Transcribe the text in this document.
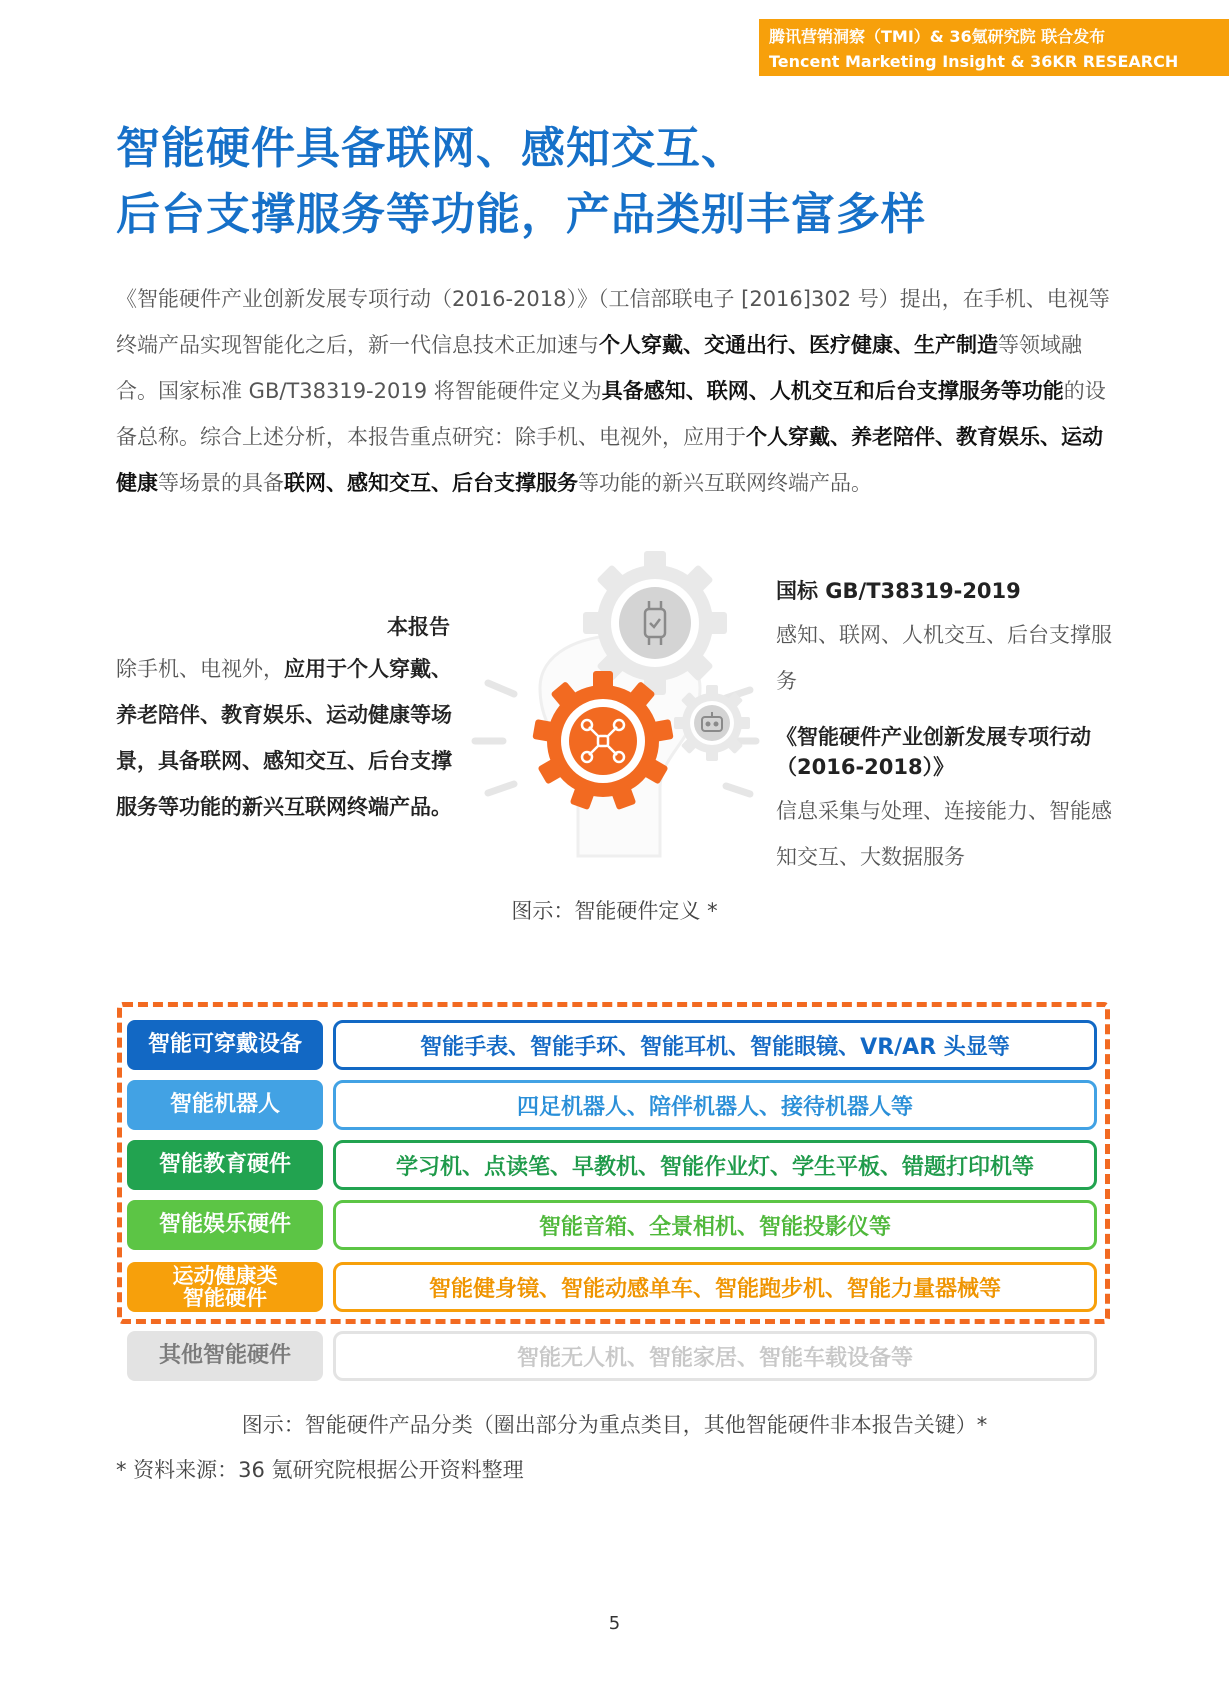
腾讯营销洞察（TMI）& 36氪研究院 联合发布
Tencent Marketing Insight & 36KR RESEARCH
智能硬件具备联网、感知交互、
后台支撑服务等功能，产品类别丰富多样

《智能硬件产业创新发展专项行动（2016-2018）》（工信部联电子 [2016]302 号）提出，在手机、电视等终端产品实现智能化之后，新一代信息技术正加速与个人穿戴、交通出行、医疗健康、生产制造等领域融合。国家标准 GB/T38319-2019 将智能硬件定义为具备感知、联网、人机交互和后台支撑服务等功能的设备总称。综合上述分析，本报告重点研究：除手机、电视外，应用于个人穿戴、养老陪伴、教育娱乐、运动健康等场景的具备联网、感知交互、后台支撑服务等功能的新兴互联网终端产品。

本报告
除手机、电视外，应用于个人穿戴、养老陪伴、教育娱乐、运动健康等场景，具备联网、感知交互、后台支撑服务等功能的新兴互联网终端产品。

国标 GB/T38319-2019

感知、联网、人机交互、后台支撑服务

《智能硬件产业创新发展专项行动（2016-2018）》

信息采集与处理、连接能力、智能感知交互、大数据服务

图示：智能硬件定义 *
智能可穿戴设备	智能手表、智能手环、智能耳机、智能眼镜、VR/AR 头显等
智能机器人	四足机器人、陪伴机器人、接待机器人等
智能教育硬件	学习机、点读笔、早教机、智能作业灯、学生平板、错题打印机等
智能娱乐硬件	智能音箱、全景相机、智能投影仪等
运动健康类智能硬件	智能健身镜、智能动感单车、智能跑步机、智能力量器械等
其他智能硬件	智能无人机、智能家居、智能车载设备等
图示：智能硬件产品分类（圈出部分为重点类目，其他智能硬件非本报告关键）*
* 资料来源：36 氪研究院根据公开资料整理
5
